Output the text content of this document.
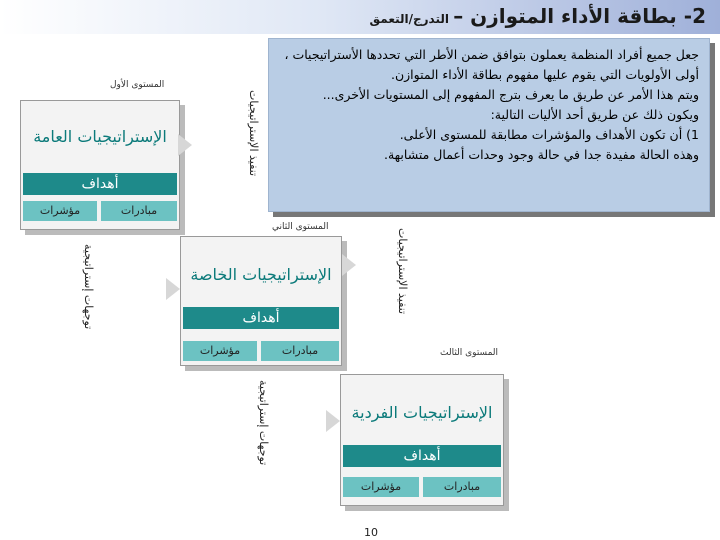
2- بطاقة الأداء المتوازن – التدرج/التعمق
جعل جميع أفراد المنظمة يعملون بتوافق ضمن الأطر التي تحددها الأستراتيجيات ،
أولى الأولويات التي يقوم عليها مفهوم بطاقة الأداء المتوازن.
ويتم هذا الأمر عن طريق ما يعرف بترج المفهوم إلى المستويات الأخرى...
ويكون ذلك عن طريق أحد الأليات التالية:
1) أن تكون الأهداف والمؤشرات مطابقة للمستوى الأعلى.
وهذه الحالة مفيدة جدا في حالة وجود وحدات أعمال متشابهة.
المستوى الأول
الإستراتيجيات العامة
أهداف
مؤشرات	مبادرات
المستوى الثاني
الإستراتيجيات الخاصة
أهداف
مؤشرات	مبادرات	المستوى الثالث
الإستراتيجيات الفردية
أهداف
مؤشرات	مبادرات
تنفيذ الإستراتيجيات
توجهات إستراتيجية	تنفيذ الإستراتيجيات
توجهات إستراتيجية
10
